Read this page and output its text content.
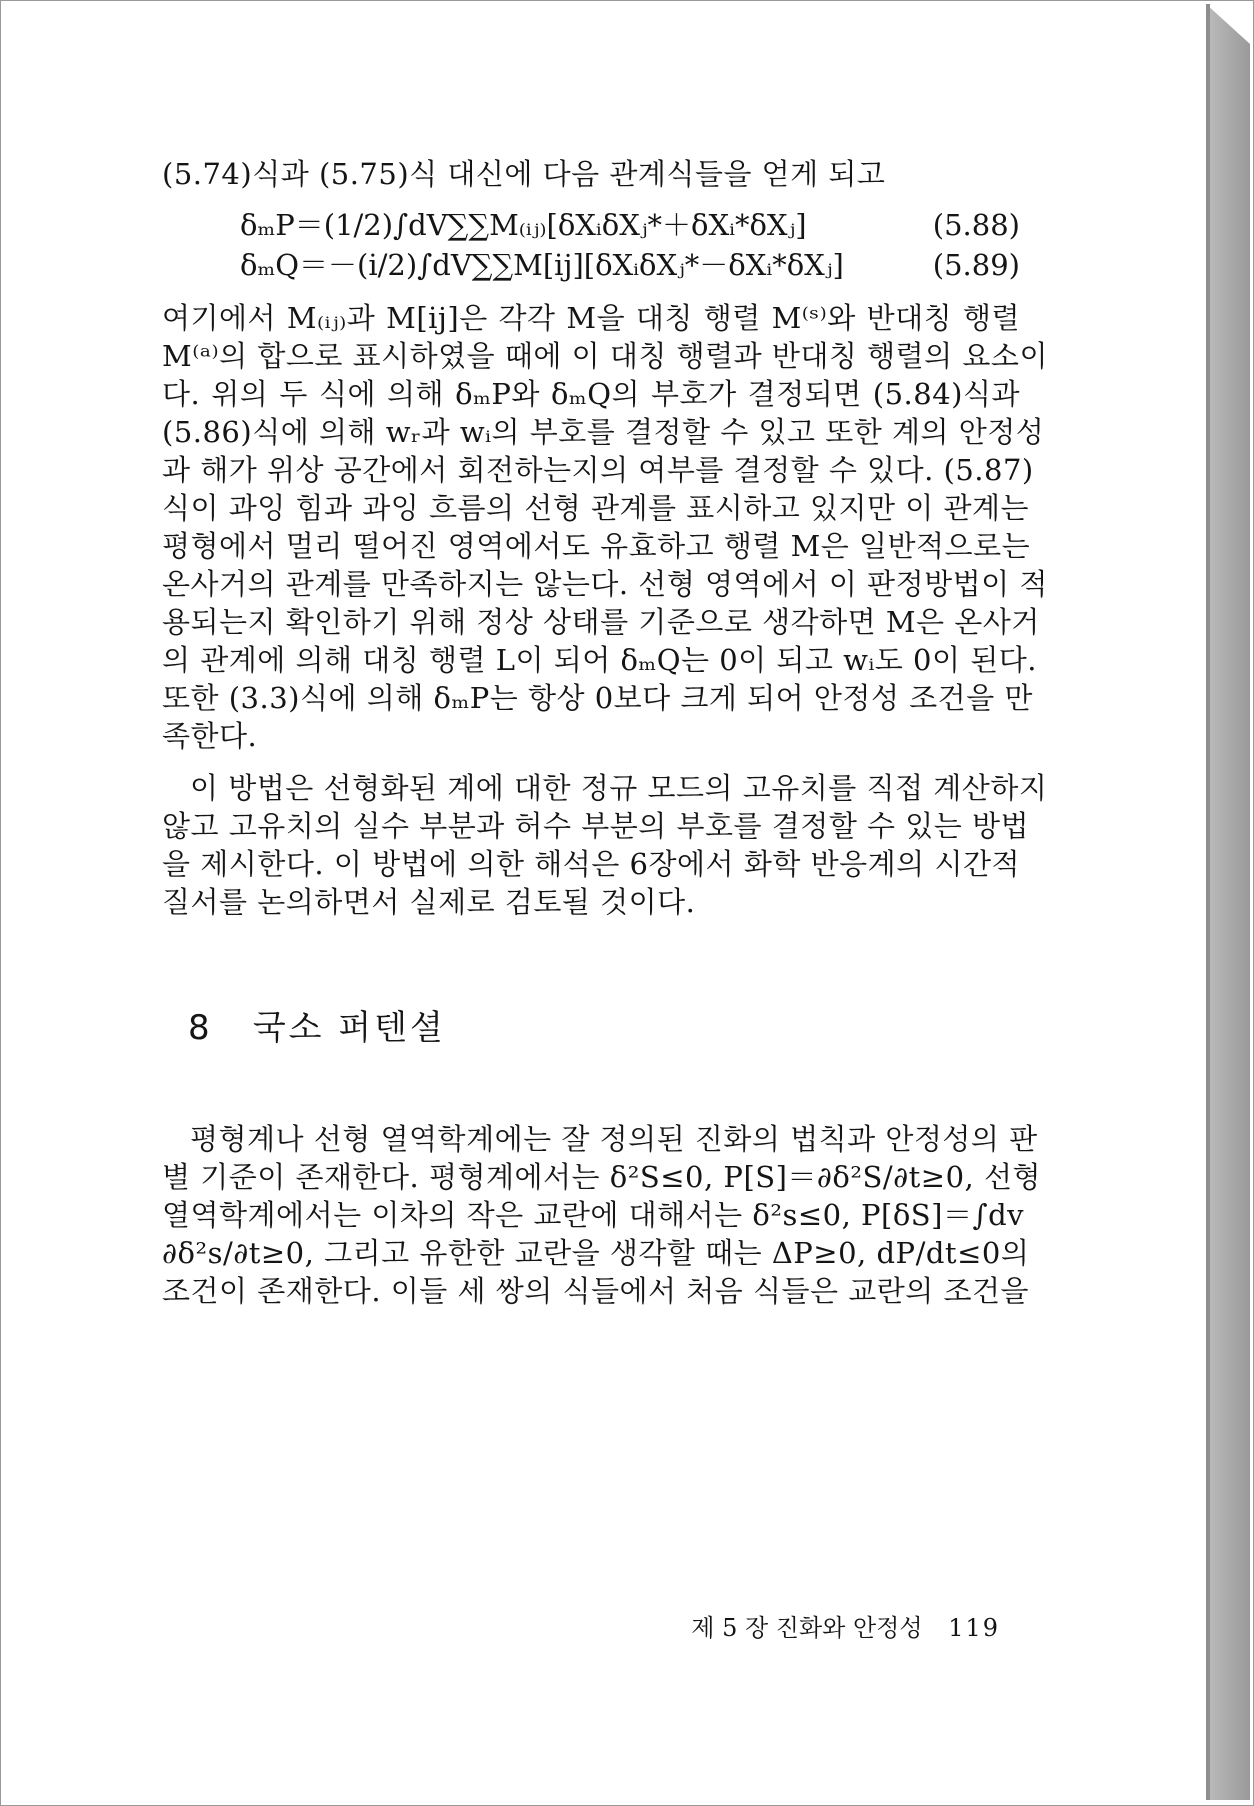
(5.74)식과 (5.75)식 대신에 다음 관계식들을 얻게 되고
δₘP＝(1/2)∫dV∑∑M₍ᵢⱼ₎[δXᵢδXⱼ*＋δXᵢ*δXⱼ]	(5.88)
δₘQ＝－(i/2)∫dV∑∑M[ij][δXᵢδXⱼ*－δXᵢ*δXⱼ]	(5.89)
여기에서 M₍ᵢⱼ₎과 M[ij]은 각각 M을 대칭 행렬 M⁽ˢ⁾와 반대칭 행렬
M⁽ᵃ⁾의 합으로 표시하였을 때에 이 대칭 행렬과 반대칭 행렬의 요소이
다. 위의 두 식에 의해 δₘP와 δₘQ의 부호가 결정되면 (5.84)식과
(5.86)식에 의해 wᵣ과 wᵢ의 부호를 결정할 수 있고 또한 계의 안정성
과 해가 위상 공간에서 회전하는지의 여부를 결정할 수 있다. (5.87)
식이 과잉 힘과 과잉 흐름의 선형 관계를 표시하고 있지만 이 관계는
평형에서 멀리 떨어진 영역에서도 유효하고 행렬 M은 일반적으로는
온사거의 관계를 만족하지는 않는다. 선형 영역에서 이 판정방법이 적
용되는지 확인하기 위해 정상 상태를 기준으로 생각하면 M은 온사거
의 관계에 의해 대칭 행렬 L이 되어 δₘQ는 0이 되고 wᵢ도 0이 된다.
또한 (3.3)식에 의해 δₘP는 항상 0보다 크게 되어 안정성 조건을 만
족한다.
이 방법은 선형화된 계에 대한 정규 모드의 고유치를 직접 계산하지
않고 고유치의 실수 부분과 허수 부분의 부호를 결정할 수 있는 방법
을 제시한다. 이 방법에 의한 해석은 6장에서 화학 반응계의 시간적
질서를 논의하면서 실제로 검토될 것이다.
8 국소 퍼텐셜
평형계나 선형 열역학계에는 잘 정의된 진화의 법칙과 안정성의 판
별 기준이 존재한다. 평형계에서는 δ²S≤0, P[S]＝∂δ²S/∂t≥0, 선형
열역학계에서는 이차의 작은 교란에 대해서는 δ²s≤0, P[δS]＝∫dv
∂δ²s/∂t≥0, 그리고 유한한 교란을 생각할 때는 ΔP≥0, dP/dt≤0의
조건이 존재한다. 이들 세 쌍의 식들에서 처음 식들은 교란의 조건을
제 5 장 진화와 안정성 119
